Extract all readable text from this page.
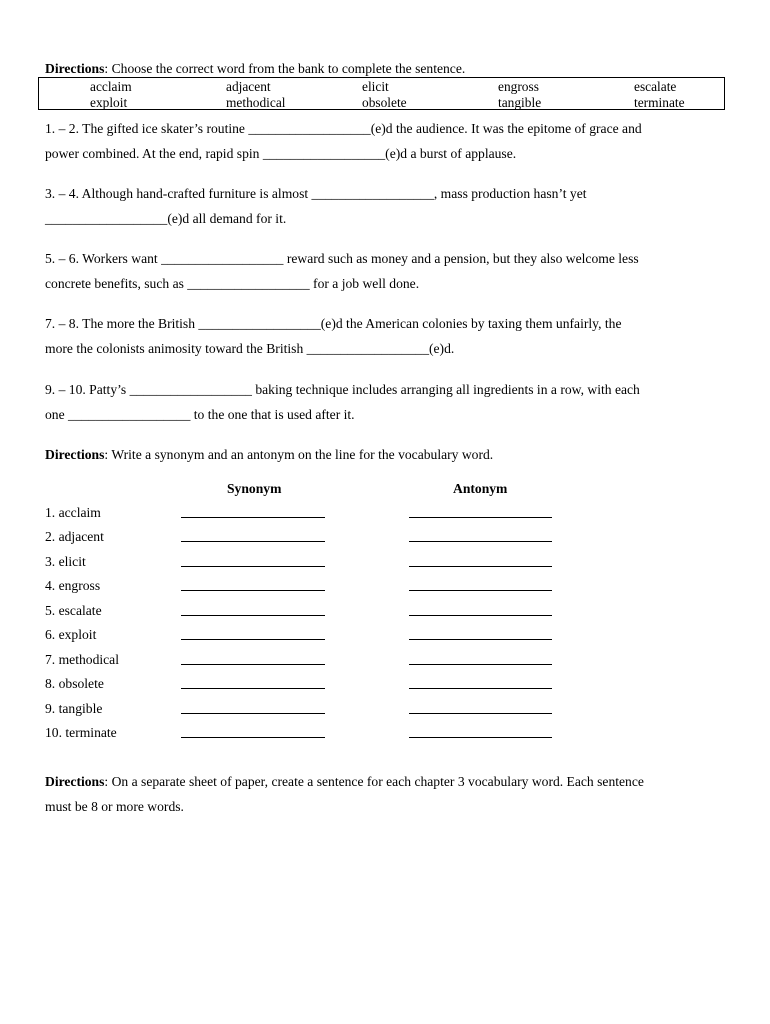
Directions: Choose the correct word from the bank to complete the sentence.
acclaim	adjacent	elicit	engross	escalate
exploit	methodical	obsolete	tangible	terminate
1. – 2. The gifted ice skater’s routine __________________(e)d the audience. It was the epitome of grace and
power combined. At the end, rapid spin __________________(e)d a burst of applause.
3. – 4. Although hand-crafted furniture is almost __________________, mass production hasn’t yet
__________________(e)d all demand for it.
5. – 6. Workers want __________________ reward such as money and a pension, but they also welcome less
concrete benefits, such as __________________ for a job well done.
7. – 8. The more the British __________________(e)d the American colonies by taxing them unfairly, the
more the colonists animosity toward the British __________________(e)d.
9. – 10. Patty’s __________________ baking technique includes arranging all ingredients in a row, with each
one __________________ to the one that is used after it.
Directions: Write a synonym and an antonym on the line for the vocabulary word.
Synonym	Antonym
1. acclaim
2. adjacent
3. elicit
4. engross
5. escalate
6. exploit
7. methodical
8. obsolete
9. tangible
10. terminate
Directions: On a separate sheet of paper, create a sentence for each chapter 3 vocabulary word. Each sentence
must be 8 or more words.
